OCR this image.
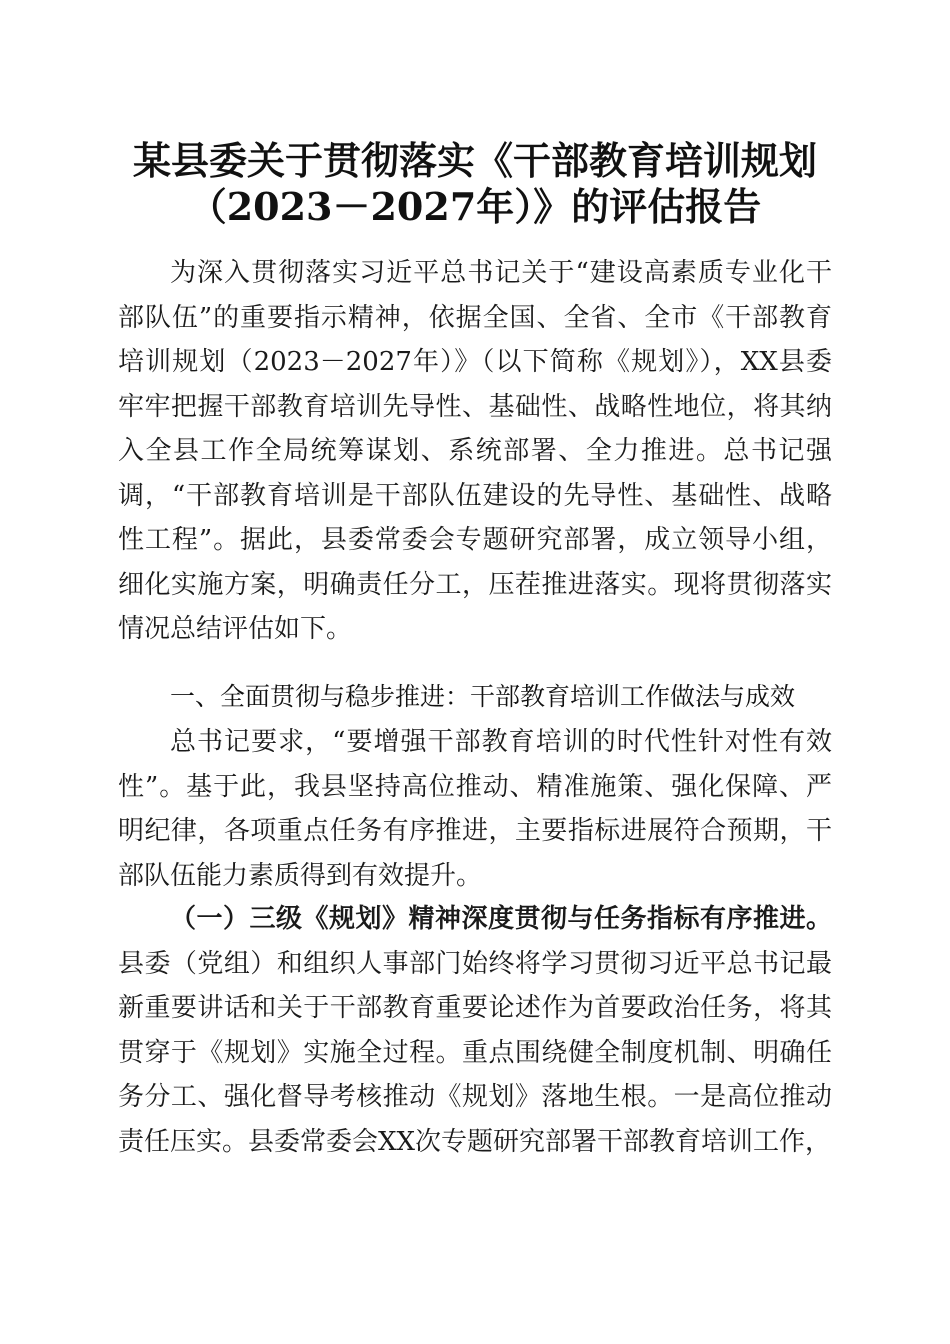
某县委关于贯彻落实《干部教育培训规划
（2023－2027年）》的评估报告

为深入贯彻落实习近平总书记关于“建设高素质专业化干部队伍”的重要指示精神，依据全国、全省、全市《干部教育培训规划（2023－2027年）》（以下简称《规划》），XX县委牢牢把握干部教育培训先导性、基础性、战略性地位，将其纳入全县工作全局统筹谋划、系统部署、全力推进。总书记强调，“干部教育培训是干部队伍建设的先导性、基础性、战略性工程”。据此，县委常委会专题研究部署，成立领导小组，细化实施方案，明确责任分工，压茬推进落实。现将贯彻落实情况总结评估如下。

一、全面贯彻与稳步推进：干部教育培训工作做法与成效

总书记要求，“要增强干部教育培训的时代性针对性有效性”。基于此，我县坚持高位推动、精准施策、强化保障、严明纪律，各项重点任务有序推进，主要指标进展符合预期，干部队伍能力素质得到有效提升。

（一）三级《规划》精神深度贯彻与任务指标有序推进。县委（党组）和组织人事部门始终将学习贯彻习近平总书记最新重要讲话和关于干部教育重要论述作为首要政治任务，将其贯穿于《规划》实施全过程。重点围绕健全制度机制、明确任务分工、强化督导考核推动《规划》落地生根。一是高位推动责任压实。县委常委会XX次专题研究部署干部教育培训工作，
